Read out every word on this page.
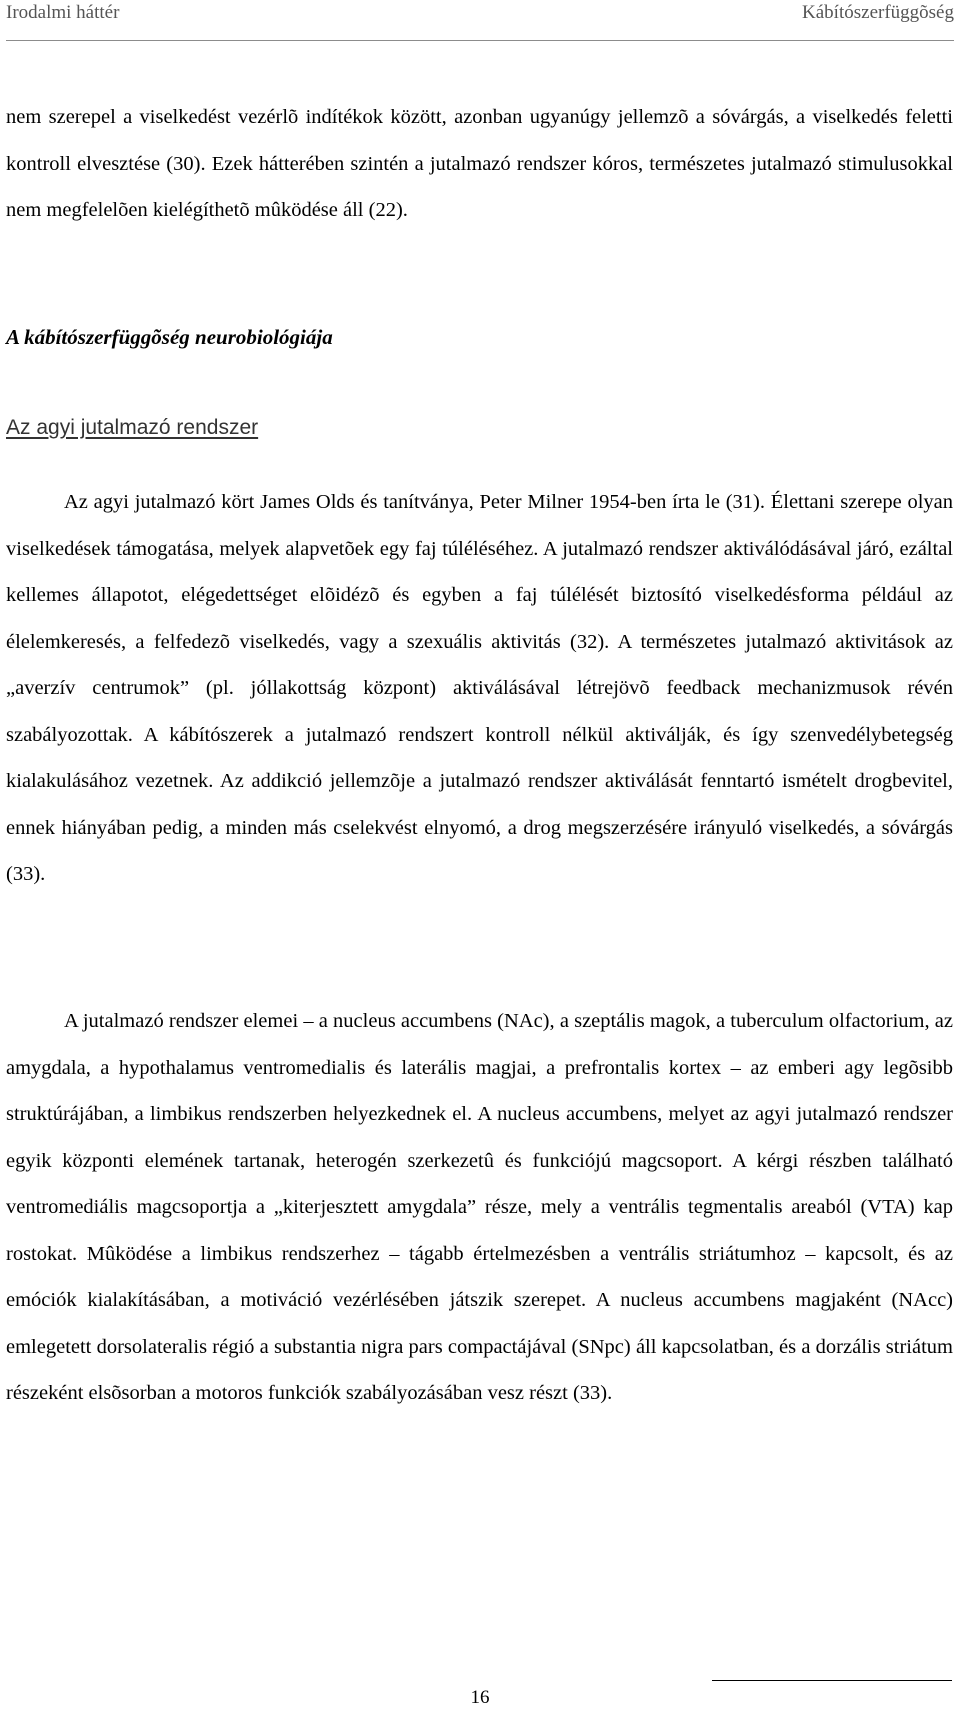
Irodalmi háttér	Kábítószerfüggõség

nem szerepel a viselkedést vezérlõ indítékok között, azonban ugyanúgy jellemzõ a sóvárgás, a viselkedés feletti kontroll elvesztése (30). Ezek hátterében szintén a jutalmazó rendszer kóros, természetes jutalmazó stimulusokkal nem megfelelõen kielégíthetõ mûködése áll (22).

A kábítószerfüggõség neurobiológiája
Az agyi jutalmazó rendszer

Az agyi jutalmazó kört James Olds és tanítványa, Peter Milner 1954-ben írta le (31). Élettani szerepe olyan viselkedések támogatása, melyek alapvetõek egy faj túléléséhez. A jutalmazó rendszer aktiválódásával járó, ezáltal kellemes állapotot, elégedettséget elõidézõ és egyben a faj túlélését biztosító viselkedésforma például az élelemkeresés, a felfedezõ viselkedés, vagy a szexuális aktivitás (32). A természetes jutalmazó aktivitások az „averzív centrumok” (pl. jóllakottság központ) aktiválásával létrejövõ feedback mechanizmusok révén szabályozottak. A kábítószerek a jutalmazó rendszert kontroll nélkül aktiválják, és így szenvedélybetegség kialakulásához vezetnek. Az addikció jellemzõje a jutalmazó rendszer aktiválását fenntartó ismételt drogbevitel, ennek hiányában pedig, a minden más cselekvést elnyomó, a drog megszerzésére irányuló viselkedés, a sóvárgás (33).

A jutalmazó rendszer elemei – a nucleus accumbens (NAc), a szeptális magok, a tuberculum olfactorium, az amygdala, a hypothalamus ventromedialis és laterális magjai, a prefrontalis kortex – az emberi agy legõsibb struktúrájában, a limbikus rendszerben helyezkednek el. A nucleus accumbens, melyet az agyi jutalmazó rendszer egyik központi elemének tartanak, heterogén szerkezetû és funkciójú magcsoport. A kérgi részben található ventromediális magcsoportja a „kiterjesztett amygdala” része, mely a ventrális tegmentalis areaból (VTA) kap rostokat. Mûködése a limbikus rendszerhez – tágabb értelmezésben a ventrális striátumhoz – kapcsolt, és az emóciók kialakításában, a motiváció vezérlésében játszik szerepet. A nucleus accumbens magjaként (NAcc) emlegetett dorsolateralis régió a substantia nigra pars compactájával (SNpc) áll kapcsolatban, és a dorzális striátum részeként elsõsorban a motoros funkciók szabályozásában vesz részt (33).

16
